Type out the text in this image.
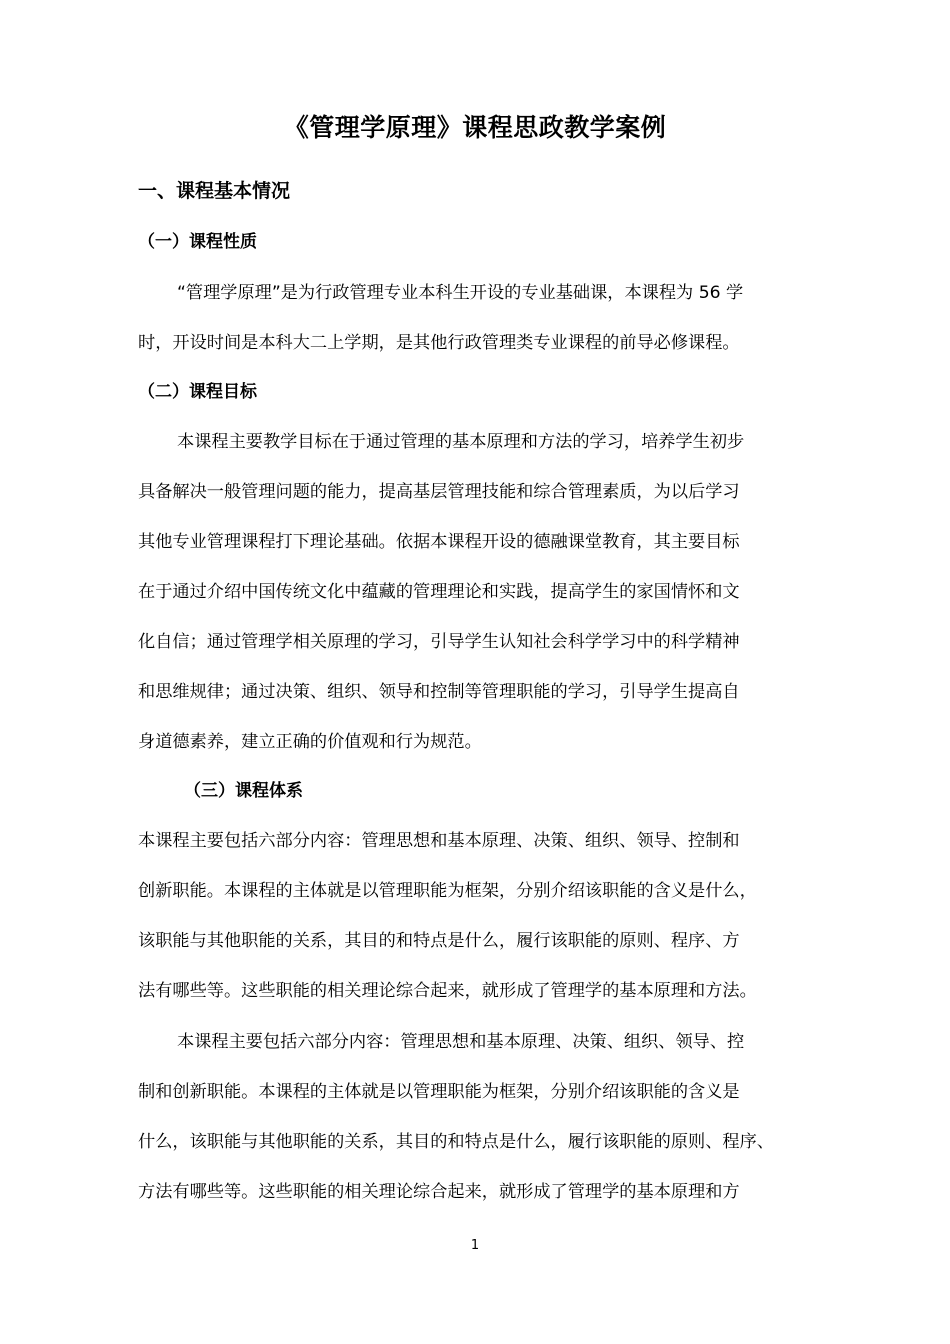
《管理学原理》课程思政教学案例
一、课程基本情况
（一）课程性质
“管理学原理”是为行政管理专业本科生开设的专业基础课，本课程为 56 学
时，开设时间是本科大二上学期，是其他行政管理类专业课程的前导必修课程。
（二）课程目标
本课程主要教学目标在于通过管理的基本原理和方法的学习，培养学生初步
具备解决一般管理问题的能力，提高基层管理技能和综合管理素质，为以后学习
其他专业管理课程打下理论基础。依据本课程开设的德融课堂教育，其主要目标
在于通过介绍中国传统文化中蕴藏的管理理论和实践，提高学生的家国情怀和文
化自信；通过管理学相关原理的学习，引导学生认知社会科学学习中的科学精神
和思维规律；通过决策、组织、领导和控制等管理职能的学习，引导学生提高自
身道德素养，建立正确的价值观和行为规范。
（三）课程体系
本课程主要包括六部分内容：管理思想和基本原理、决策、组织、领导、控制和
创新职能。本课程的主体就是以管理职能为框架，分别介绍该职能的含义是什么，
该职能与其他职能的关系，其目的和特点是什么，履行该职能的原则、程序、方
法有哪些等。这些职能的相关理论综合起来，就形成了管理学的基本原理和方法。
本课程主要包括六部分内容：管理思想和基本原理、决策、组织、领导、控
制和创新职能。本课程的主体就是以管理职能为框架，分别介绍该职能的含义是
什么，该职能与其他职能的关系，其目的和特点是什么，履行该职能的原则、程序、
方法有哪些等。这些职能的相关理论综合起来，就形成了管理学的基本原理和方
1
